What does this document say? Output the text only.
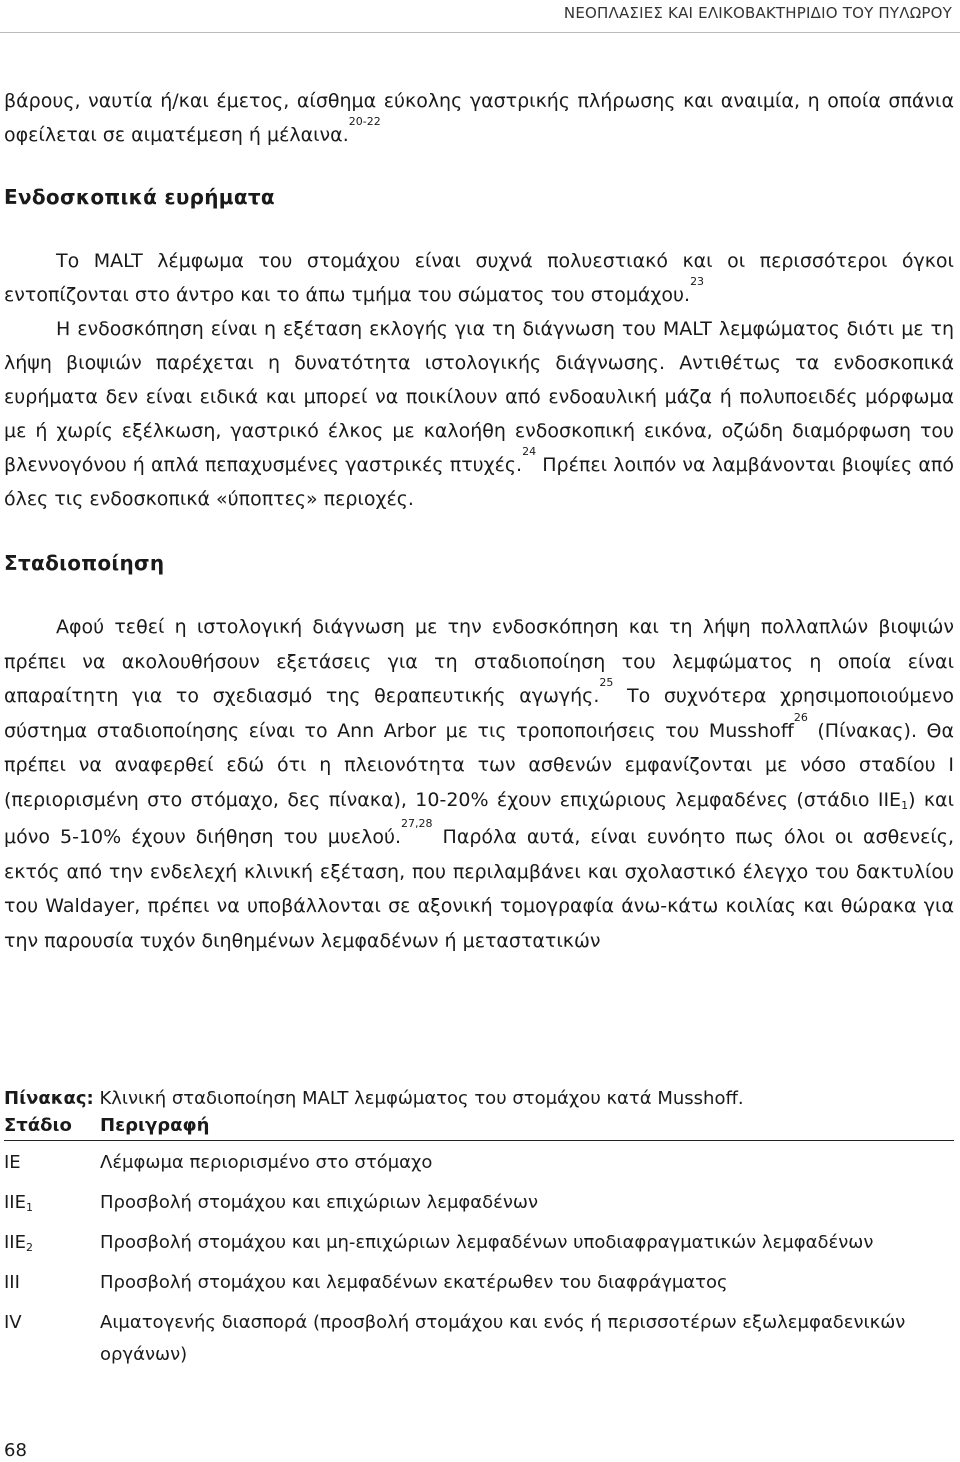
ΝΕΟΠΛΑΣΙΕΣ ΚΑΙ ΕΛΙΚΟΒΑΚΤΗΡΙΔΙΟ ΤΟΥ ΠΥΛΩΡΟΥ

βάρους, ναυτία ή/και έμετος, αίσθημα εύκολης γαστρικής πλήρωσης και αναιμία, η οποία σπάνια οφείλεται σε αιματέμεση ή μέλαινα.$^{20-22}$

Ενδοσκοπικά ευρήματα

Το MALT λέμφωμα του στομάχου είναι συχνά πολυεστιακό και οι περισσότεροι όγκοι εντοπίζονται στο άντρο και το άπω τμήμα του σώματος του στομάχου.$^{23}$

Η ενδοσκόπηση είναι η εξέταση εκλογής για τη διάγνωση του MALT λεμφώματος διότι με τη λήψη βιοψιών παρέχεται η δυνατότητα ιστολογικής διάγνωσης. Αντιθέτως τα ενδοσκοπικά ευρήματα δεν είναι ειδικά και μπορεί να ποικίλουν από ενδοαυλική μάζα ή πολυποειδές μόρφωμα με ή χωρίς εξέλκωση, γαστρικό έλκος με καλοήθη ενδοσκοπική εικόνα, οζώδη διαμόρφωση του βλεννογόνου ή απλά πεπαχυσμένες γαστρικές πτυχές.$^{24}$ Πρέπει λοιπόν να λαμβάνονται βιοψίες από όλες τις ενδοσκοπικά «ύποπτες» περιοχές.

Σταδιοποίηση

Αφού τεθεί η ιστολογική διάγνωση με την ενδοσκόπηση και τη λήψη πολλαπλών βιοψιών πρέπει να ακολουθήσουν εξετάσεις για τη σταδιοποίηση του λεμφώματος η οποία είναι απαραίτητη για το σχεδιασμό της θεραπευτικής αγωγής.$^{25}$ Το συχνότερα χρησιμοποιούμενο σύστημα σταδιοποίησης είναι το Ann Arbor με τις τροποποιήσεις του Musshoff$^{26}$ (Πίνακας). Θα πρέπει να αναφερθεί εδώ ότι η πλειονότητα των ασθενών εμφανίζονται με νόσο σταδίου I (περιορισμένη στο στόμαχο, δες πίνακα), 10-20% έχουν επιχώριους λεμφαδένες (στάδιο $IIE_1$) και μόνο 5-10% έχουν διήθηση του μυελού.$^{27,28}$ Παρόλα αυτά, είναι ευνόητο πως όλοι οι ασθενείς, εκτός από την ενδελεχή κλινική εξέταση, που περιλαμβάνει και σχολαστικό έλεγχο του δακτυλίου του Waldayer, πρέπει να υποβάλλονται σε αξονική τομογραφία άνω-κάτω κοιλίας και θώρακα για την παρουσία τυχόν διηθημένων λεμφαδένων ή μεταστατικών

Πίνακας: Κλινική σταδιοποίηση MALT λεμφώματος του στομάχου κατά Musshoff.
Στάδιο	Περιγραφή
IE	Λέμφωμα περιορισμένο στο στόμαχο
$IIE_1$	Προσβολή στομάχου και επιχώριων λεμφαδένων
$IIE_2$	Προσβολή στομάχου και μη-επιχώριων λεμφαδένων υποδιαφραγματικών λεμφαδένων
III	Προσβολή στομάχου και λεμφαδένων εκατέρωθεν του διαφράγματος
IV	Αιματογενής διασπορά (προσβολή στομάχου και ενός ή περισσοτέρων εξωλεμφαδενικών οργάνων)
68
